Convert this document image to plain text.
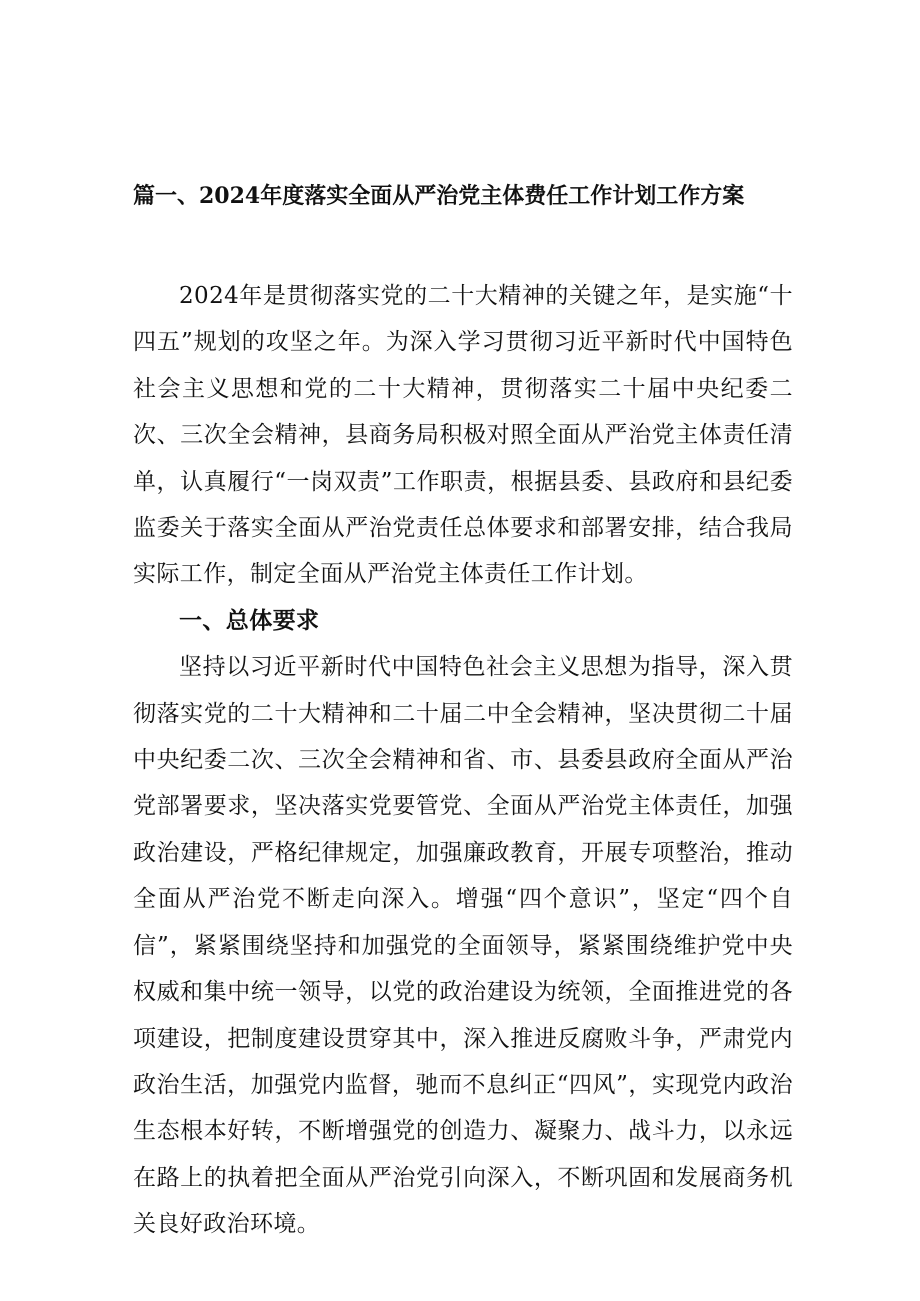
篇一、2024年度落实全面从严治党主体费任工作计划工作方案

2024年是贯彻落实党的二十大精神的关键之年，是实施“十四五”规划的攻坚之年。为深入学习贯彻习近平新时代中国特色社会主义思想和党的二十大精神，贯彻落实二十届中央纪委二次、三次全会精神，县商务局积极对照全面从严治党主体责任清单，认真履行“一岗双责”工作职责，根据县委、县政府和县纪委监委关于落实全面从严治党责任总体要求和部署安排，结合我局实际工作，制定全面从严治党主体责任工作计划。

一、总体要求

坚持以习近平新时代中国特色社会主义思想为指导，深入贯彻落实党的二十大精神和二十届二中全会精神，坚决贯彻二十届中央纪委二次、三次全会精神和省、市、县委县政府全面从严治党部署要求，坚决落实党要管党、全面从严治党主体责任，加强政治建设，严格纪律规定，加强廉政教育，开展专项整治，推动全面从严治党不断走向深入。增强“四个意识”，坚定“四个自信”，紧紧围绕坚持和加强党的全面领导，紧紧围绕维护党中央权威和集中统一领导，以党的政治建设为统领，全面推进党的各项建设，把制度建设贯穿其中，深入推进反腐败斗争，严肃党内政治生活，加强党内监督，驰而不息纠正“四风”，实现党内政治生态根本好转，不断增强党的创造力、凝聚力、战斗力，以永远在路上的执着把全面从严治党引向深入，不断巩固和发展商务机关良好政治环境。
